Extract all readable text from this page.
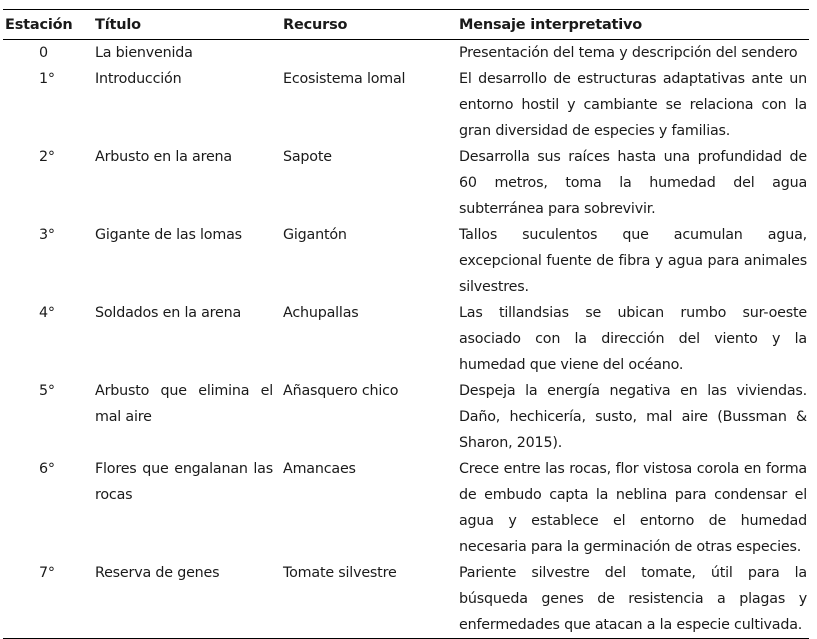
Estación	Título	Recurso	Mensaje interpretativo
0	La bienvenida		Presentación del tema y descripción del sendero
1°	Introducción	Ecosistema lomal	El desarrollo de estructuras adaptativas ante un entorno hostil y cambiante se relaciona con la gran diversidad de especies y familias.
2°	Arbusto en la arena	Sapote	Desarrolla sus raíces hasta una profundidad de 60 metros, toma la humedad del agua subterránea para sobrevivir.
3°	Gigante de las lomas	Gigantón	Tallos suculentos que acumulan agua, excepcional fuente de fibra y agua para animales silvestres.
4°	Soldados en la arena	Achupallas	Las tillandsias se ubican rumbo sur-oeste asociado con la dirección del viento y la humedad que viene del océano.
5°	Arbusto que elimina el mal aire	Añasquero chico	Despeja la energía negativa en las viviendas. Daño, hechicería, susto, mal aire (Bussman & Sharon, 2015).
6°	Flores que engalanan las rocas	Amancaes	Crece entre las rocas, flor vistosa corola en forma de embudo capta la neblina para condensar el agua y establece el entorno de humedad necesaria para la germinación de otras especies.
7°	Reserva de genes	Tomate silvestre	Pariente silvestre del tomate, útil para la búsqueda genes de resistencia a plagas y enfermedades que atacan a la especie cultivada.
